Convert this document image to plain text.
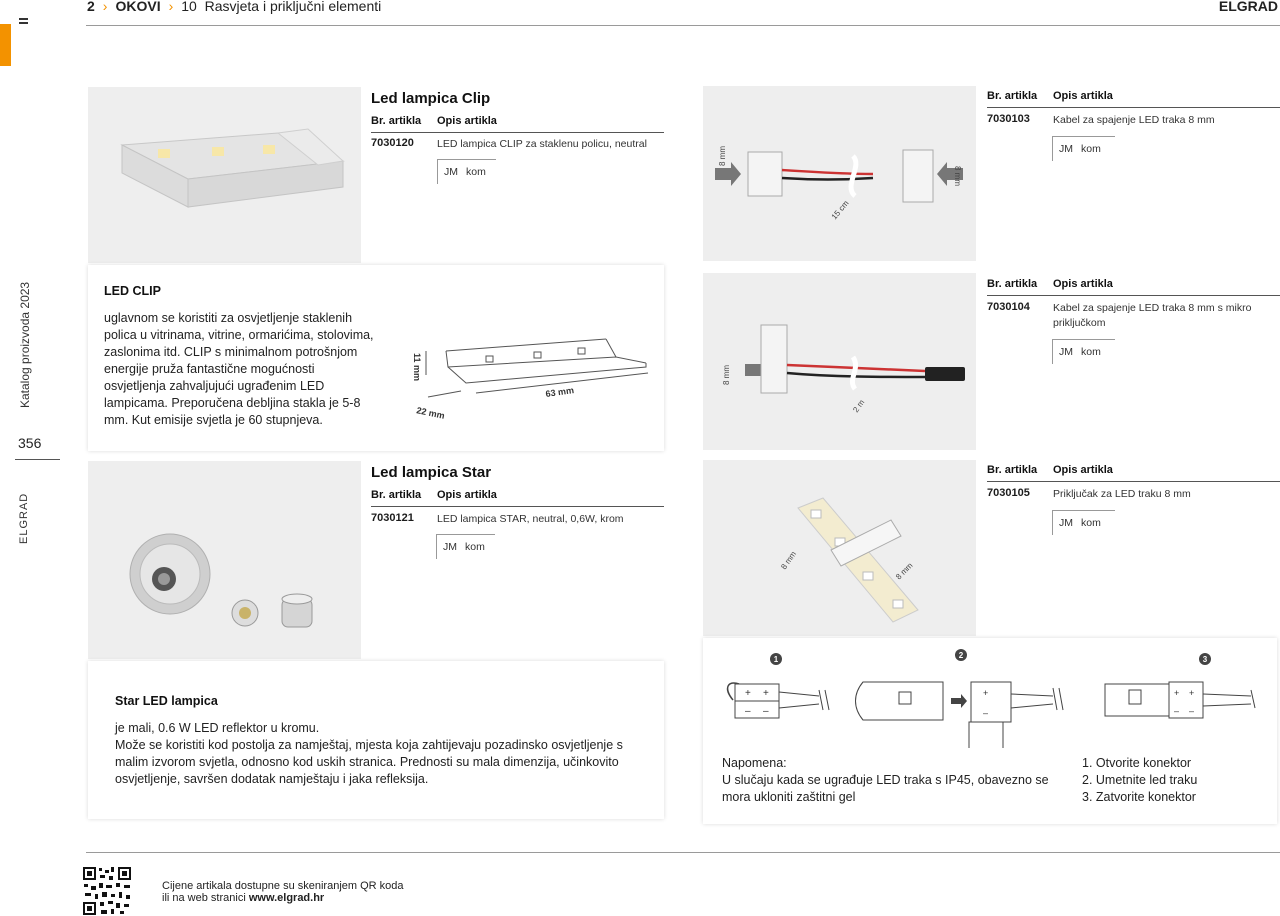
Katalog proizvoda 2023
356
ELGRAD
2 › OKOVI › 10  Rasvjeta i priključni elementi	ELGRAD
Led lampica Clip
Br. artikla	Opis artikla
7030120	LED lampica CLIP za staklenu policu, neutral
JM kom
LED CLIP
uglavnom se koristiti za osvjetljenje staklenih
polica u vitrinama, vitrine, ormarićima, stolovima,
zaslonima itd. CLIP s minimalnom potrošnjom
energije pruža fantastične mogućnosti
osvjetljenja zahvaljujući ugrađenim LED
lampicama. Preporučena debljina stakla je 5-8
mm. Kut emisije svjetla je 60 stupnjeva.
11 mm
22 mm
63 mm
Led lampica Star
Br. artikla	Opis artikla
7030121	LED lampica STAR, neutral, 0,6W, krom
JM kom
Star LED lampica
je mali, 0.6 W LED reflektor u kromu.
Može se koristiti kod postolja za namještaj, mjesta koja zahtijevaju pozadinsko osvjetljenje s
malim izvorom svjetla, odnosno kod uskih stranica. Prednosti su mala dimenzija, učinkovito
osvjetljenje, savršen dodatak namještaju i jaka refleksija.
8 mm
8 mm
15 cm
Br. artikla	Opis artikla
7030103	Kabel za spajenje LED traka 8 mm
JM kom
8 mm
2 m
Br. artikla	Opis artikla
7030104	Kabel za spajenje LED traka 8 mm s mikro
priključkom
JM kom
8 mm
8 mm
Br. artikla	Opis artikla
7030105	Priključak za LED traku 8 mm
JM kom
1
+ +
– –
2
+
–
3
+ +
– –
Napomena:
U slučaju kada se ugrađuje LED traka s IP45, obavezno se
mora ukloniti zaštitni gel
1. Otvorite konektor
2. Umetnite led traku
3. Zatvorite konektor
Cijene artikala dostupne su skeniranjem QR koda
ili na web stranici www.elgrad.hr
